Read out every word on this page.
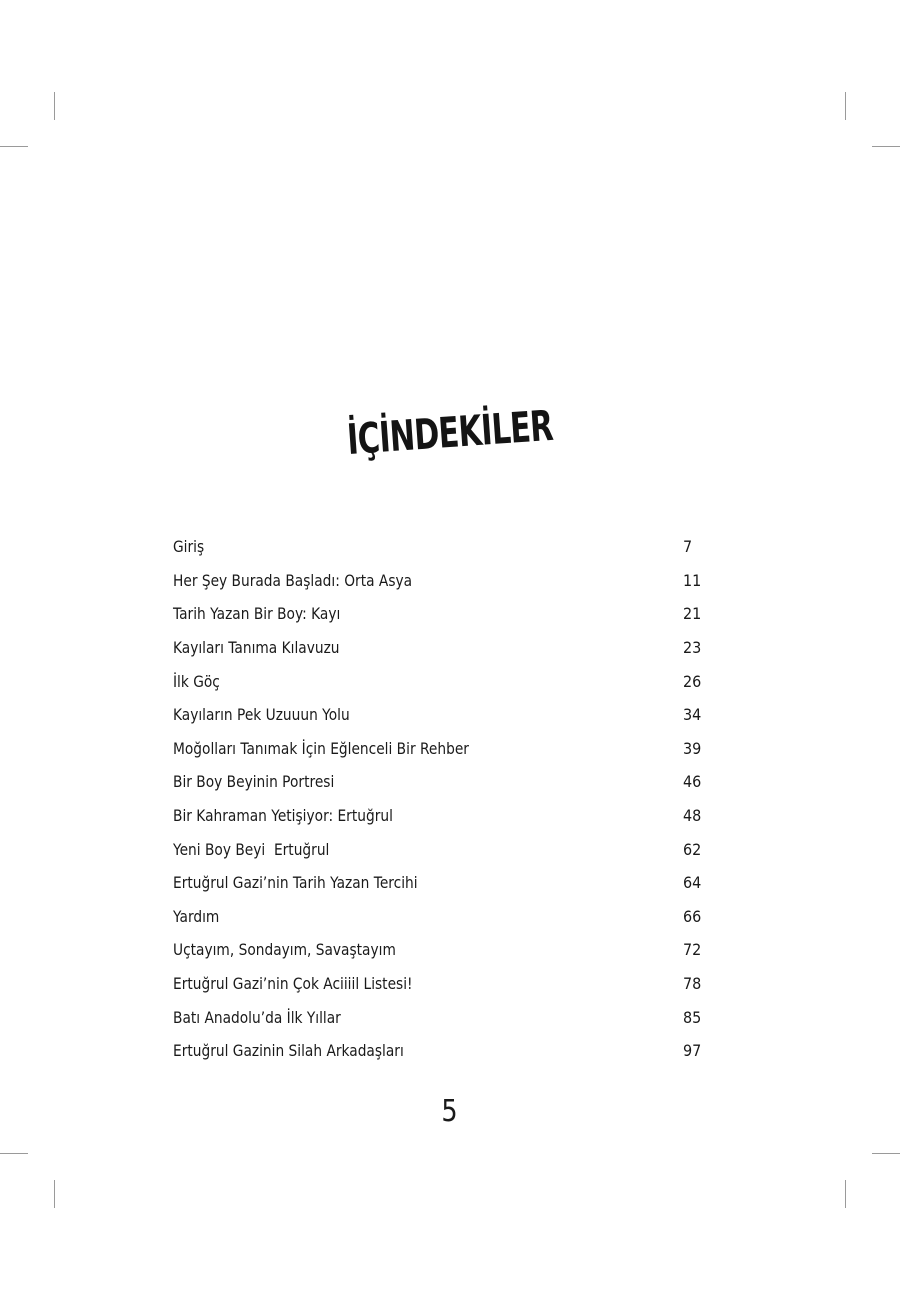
İÇİNDEKİLER
Giriş	7
Her Şey Burada Başladı: Orta Asya	11
Tarih Yazan Bir Boy: Kayı	21
Kayıları Tanıma Kılavuzu	23
İlk Göç	26
Kayıların Pek Uzuuun Yolu	34
Moğolları Tanımak İçin Eğlenceli Bir Rehber	39
Bir Boy Beyinin Portresi	46
Bir Kahraman Yetişiyor: Ertuğrul	48
Yeni Boy Beyi  Ertuğrul	62
Ertuğrul Gazi’nin Tarih Yazan Tercihi	64
Yardım	66
Uçtayım, Sondayım, Savaştayım	72
Ertuğrul Gazi’nin Çok Aciiiil Listesi!	78
Batı Anadolu’da İlk Yıllar	85
Ertuğrul Gazinin Silah Arkadaşları	97
5
